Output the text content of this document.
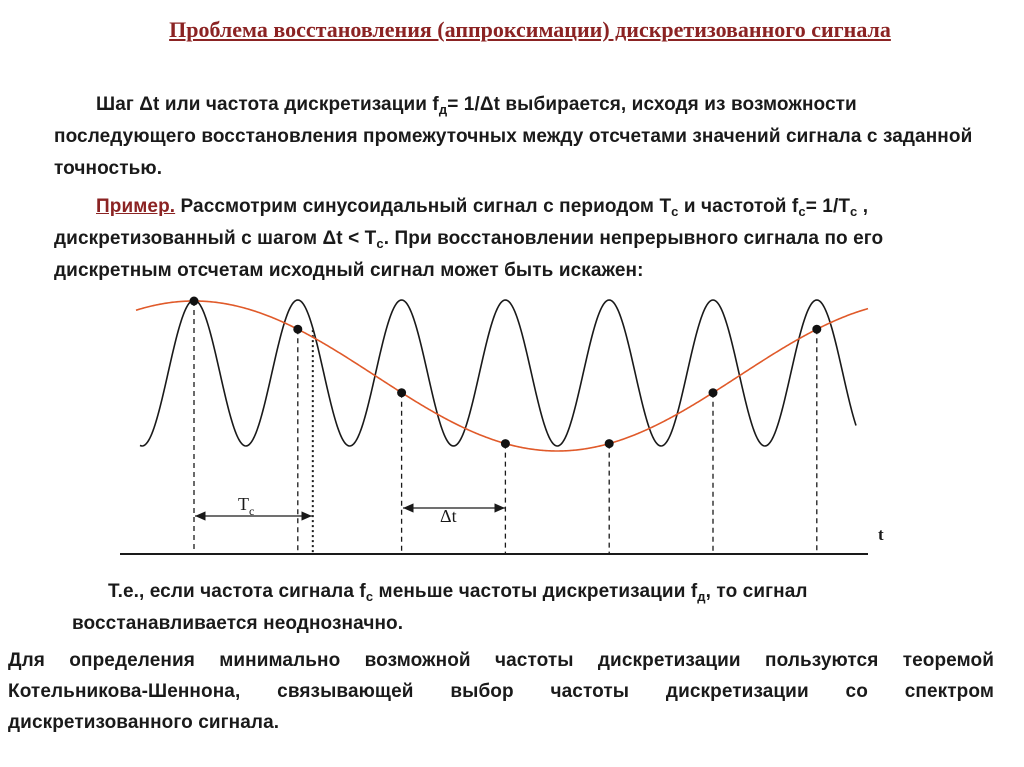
Проблема восстановления (аппроксимации) дискретизованного сигнала
Шаг Δt или частота дискретизации $f_д= 1/\Delta t$ выбирается, исходя из возможности последующего восстановления промежуточных между отсчетами значений сигнала с заданной точностью.
Пример. Рассмотрим синусоидальный сигнал с периодом $T_c$ и частотой $f_c= 1/T_c$ , дискретизованный с шагом $\Delta t < T_c$. При восстановлении непрерывного сигнала по его дискретным отсчетам исходный сигнал может быть искажен:
t
$T_c$	Δt
Т.е., если частота сигнала $f_c$ меньше частоты дискретизации $f_д$, то сигнал восстанавливается неоднозначно.
Для определения минимально возможной частоты дискретизации пользуются теоремой Котельникова-Шеннона, связывающей выбор частоты дискретизации со спектром дискретизованного сигнала.
